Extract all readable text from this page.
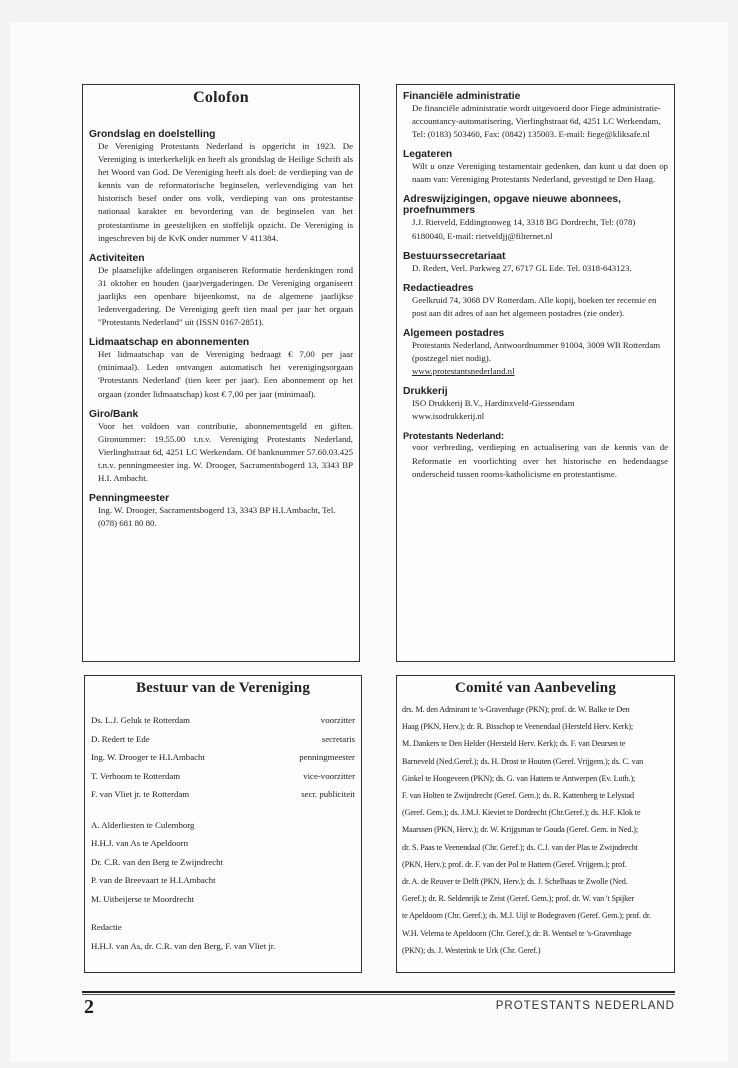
Colofon

Grondslag en doelstelling

De Vereniging Protestants Nederland is opgericht in 1923. De Vereniging is interkerkelijk en heeft als grondslag de Heilige Schrift als het Woord van God. De Vereniging heeft als doel: de verdieping van de kennis van de reformatorische beginselen, verlevendiging van het historisch besef onder ons volk, verdieping van ons protestantse nationaal karakter en bevordering van de beginselen van het protestantisme in geestelijken en stoffelijk opzicht. De Vereniging is ingeschreven bij de KvK onder nummer V 411384.

Activiteiten

De plaatselijke afdelingen organiseren Reformatie herdenkingen rond 31 oktober en houden (jaar)vergaderingen. De Vereniging organiseert jaarlijks een openbare bijeenkomst, na de algemene jaarlijkse ledenvergadering. De Vereniging geeft tien maal per jaar het orgaan "Protestants Nederland" uit (ISSN 0167-2851).

Lidmaatschap en abonnementen

Het lidmaatschap van de Vereniging bedraagt € 7,00 per jaar (minimaal). Leden ontvangen automatisch het verenigingsorgaan 'Protestants Nederland' (tien keer per jaar). Een abonnement op het orgaan (zonder lidmaatschap) kost € 7,00 per jaar (minimaal).

Giro/Bank

Voor het voldoen van contributie, abonnementsgeld en giften. Gironummer: 19.55.00 t.n.v. Vereniging Protestants Nederland, Vierlinghstraat 6d, 4251 LC Werkendam. Of banknummer 57.60.03.425 t.n.v. penningmeester ing. W. Drooger, Sacramentsbogerd 13, 3343 BP H.I. Ambacht.

Penningmeester

Ing. W. Drooger, Sacramentsbogerd 13, 3343 BP H.I.Ambacht, Tel. (078) 681 80 80.

Financiële administratie

De financiële administratie wordt uitgevoerd door Fiege administratie-accountancy-automatisering, Vierlinghstraat 6d, 4251 LC Werkendam, Tel: (0183) 503460, Fax: (0842) 135003. E-mail: fiege@kliksafe.nl

Legateren

Wilt u onze Vereniging testamentair gedenken, dan kunt u dat doen op naam van: Vereniging Protestants Nederland, gevestigd te Den Haag.

Adreswijzigingen, opgave nieuwe abonnees, proefnummers

J.J. Rietveld, Eddingtonweg 14, 3318 BG Dordrecht, Tel: (078) 6180040, E-mail: rietveldjj@filternet.nl

Bestuurssecretariaat

D. Redert, Verl. Parkweg 27, 6717 GL Ede. Tel. 0318-643123.

Redactieadres

Geelkruid 74, 3068 DV Rotterdam. Alle kopij, boeken ter recensie en post aan dit adres of aan het algemeen postadres (zie onder).

Algemeen postadres

Protestants Nederland, Antwoordnummer 91004, 3009 WB Rotterdam (postzegel niet nodig).

www.protestantsnederland.nl

Drukkerij

ISO Drukkerij B.V., Hardinxveld-Giessendam

www.isodrukkerij.nl

Protestants Nederland:

voor verbreding, verdieping en actualisering van de kennis van de Reformatie en voorlichting over het historische en hedendaagse onderscheid tussen rooms-katholicisme en protestantisme.

Bestuur van de Vereniging
Ds. L.J. Geluk te Rotterdam	voorzitter
D. Redert te Ede	secretaris
Ing. W. Drooger te H.I.Ambacht	penningmeester
T. Verboom te Rotterdam	vice-voorzitter
F. van Vliet jr. te Rotterdam	secr. publiciteit
A. Alderliesten te Culemborg
H.H.J. van As te Apeldoorn
Dr. C.R. van den Berg te Zwijndrecht
P. van de Breevaart te H.I.Ambacht
M. Uitbeijerse te Moordrecht
Redactie
H.H.J. van As, dr. C.R. van den Berg, F. van Vliet jr.
Comité van Aanbeveling
drs. M. den Admirant te 's-Gravenhage (PKN); prof. dr. W. Balke te Den
Haag (PKN, Herv.); dr. R. Bisschop te Veenendaal (Hersteld Herv. Kerk);
M. Dankers te Den Helder (Hersteld Herv. Kerk); ds. F. van Deursen te
Barneveld (Ned.Geref.); ds. H. Drost te Houten (Geref. Vrijgem.); ds. C. van
Ginkel te Hoogeveen (PKN); ds. G. van Hattem te Antwerpen (Ev. Luth.);
F. van Holten te Zwijndrecht (Geref. Gem.); ds. R. Kattenberg te Lelystad
(Geref. Gem.); ds. J.M.J. Kieviet te Dordrecht (Chr.Geref.); ds. H.F. Klok te
Maarssen (PKN, Herv.); dr. W. Krijgsman te Gouda (Geref. Gem. in Ned.);
dr. S. Paas te Veenendaal (Chr. Geref.); ds. C.J. van der Plas te Zwijndrecht
(PKN, Herv.); prof. dr. F. van der Pol te Hattem (Geref. Vrijgem.); prof.
dr. A. de Reuver te Delft (PKN, Herv.); ds. J. Schelhaas te Zwolle (Ned.
Geref.); dr. R. Seldenrijk te Zeist (Geref. Gem.); prof. dr. W. van 't Spijker
te Apeldoorn (Chr. Geref.); ds. M.J. Uijl te Bodegraven (Geref. Gem.); prof. dr.
W.H. Velema te Apeldoorn (Chr. Geref.); dr. B. Wentsel te 's-Gravenhage
(PKN); ds. J. Westerink te Urk (Chr. Geref.)
2	PROTESTANTS NEDERLAND
